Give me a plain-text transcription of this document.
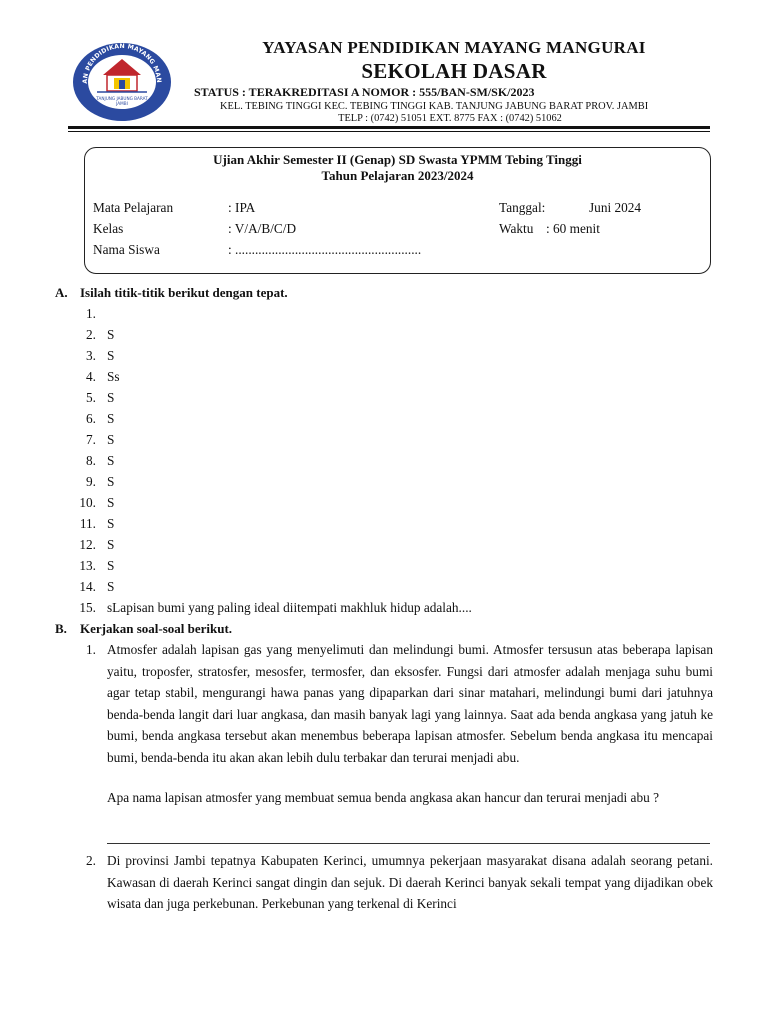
AN PENDIDIKAN MAYANG MAN
TANJUNG JABUNG BARAT
JAMBI
YAYASAN PENDIDIKAN MAYANG MANGURAI
SEKOLAH DASAR
STATUS : TERAKREDITASI A NOMOR : 555/BAN-SM/SK/2023
KEL. TEBING TINGGI KEC. TEBING TINGGI KAB. TANJUNG JABUNG BARAT PROV. JAMBI
TELP : (0742) 51051 EXT. 8775 FAX : (0742) 51062
Ujian Akhir Semester II (Genap) SD Swasta YPMM Tebing Tinggi
Tahun Pelajaran 2023/2024
Mata Pelajaran	: IPA
Kelas	: V/A/B/C/D
Nama Siswa	: ........................................................
Tanggal:	Juni 2024
Waktu : 60 menit
A. Isilah titik-titik berikut dengan tepat.
1.
2. S
3. S
4. Ss
5. S
6. S
7. S
8. S
9. S
10. S
11. S
12. S
13. S
14. S
15. sLapisan bumi yang paling ideal diitempati makhluk hidup adalah....
B. Kerjakan soal-soal berikut.
1. Atmosfer adalah lapisan gas yang menyelimuti dan melindungi bumi. Atmosfer tersusun atas beberapa lapisan yaitu, troposfer, stratosfer, mesosfer, termosfer, dan eksosfer. Fungsi dari atmosfer adalah menjaga suhu bumi agar tetap stabil, mengurangi hawa panas yang dipaparkan dari sinar matahari, melindungi bumi dari jatuhnya benda-benda langit dari luar angkasa, dan masih banyak lagi yang lainnya. Saat ada benda angkasa yang jatuh ke bumi, benda angkasa tersebut akan menembus beberapa lapisan atmosfer. Sebelum benda angkasa itu mencapai bumi, benda-benda itu akan akan lebih dulu terbakar dan terurai menjadi abu.
Apa nama lapisan atmosfer yang membuat semua benda angkasa akan hancur dan terurai menjadi abu ?
2. Di provinsi Jambi tepatnya Kabupaten Kerinci, umumnya pekerjaan masyarakat disana adalah seorang petani. Kawasan di daerah Kerinci sangat dingin dan sejuk. Di daerah Kerinci banyak sekali tempat yang dijadikan obek wisata dan juga perkebunan. Perkebunan yang terkenal di Kerinci
